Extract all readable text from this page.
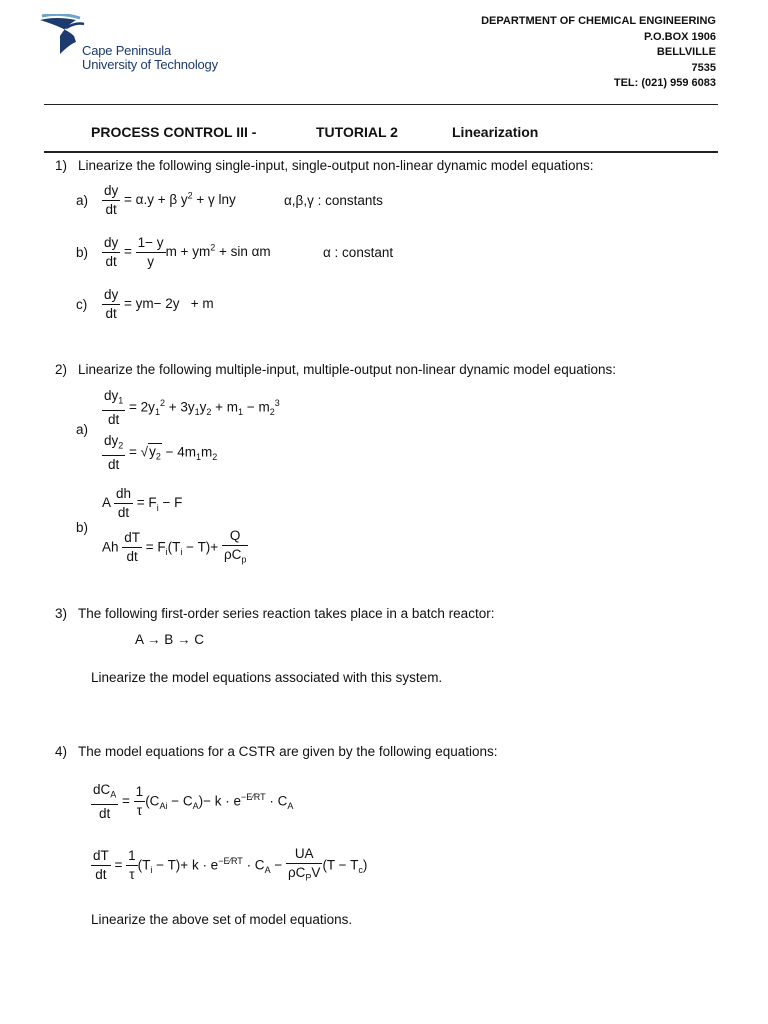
Cape Peninsula
University of Technology
DEPARTMENT OF CHEMICAL ENGINEERING
P.O.BOX 1906
BELLVILLE
7535
TEL: (021) 959 6083
PROCESS CONTROL III -	TUTORIAL 2	Linearization
1) Linearize the following single-input, single-output non-linear dynamic model equations:
$a) \frac{dy}{dt} = \alpha.y + \beta$ $y^2 + \gamma$ lny	α,β,γ : constants
$b) \frac{dy}{dt} = \frac{1- y}{y}$ $m + ym^2 + \sin \alpha m$	α : constant
$c) \frac{dy}{dt} = ym- 2y + m$
2) Linearize the following multiple-input, multiple-output non-linear dynamic model equations:
$\frac{dy_1}{dt} = 2y_1^2 + 3y_1y_2 + m_1 - m_2^3$
a)
$\frac{dy_2}{dt} = √y_2 - 4m_1m_2$
A $\frac{dh}{dt} = F_i - F$
b)
Ah $\frac{dT}{dt} = F_i(T_i - T)+ \frac{Q}{\rho C_p}$
3) The following first-order series reaction takes place in a batch reactor:
A → B → C
Linearize the model equations associated with this system.
4) The model equations for a CSTR are given by the following equations:
$\frac{dC_A}{dt} = \frac{1}{\tau} (C_{Ai} - C_A)- k \cdot e^{-E⁄RT} \cdot C_A$
$\frac{dT}{dt} = \frac{1}{\tau} (T_i - T)+ k \cdot e^{-E⁄RT} \cdot C_A - \frac{UA}{\rho C_PV} (T - T_c)$
Linearize the above set of model equations.
